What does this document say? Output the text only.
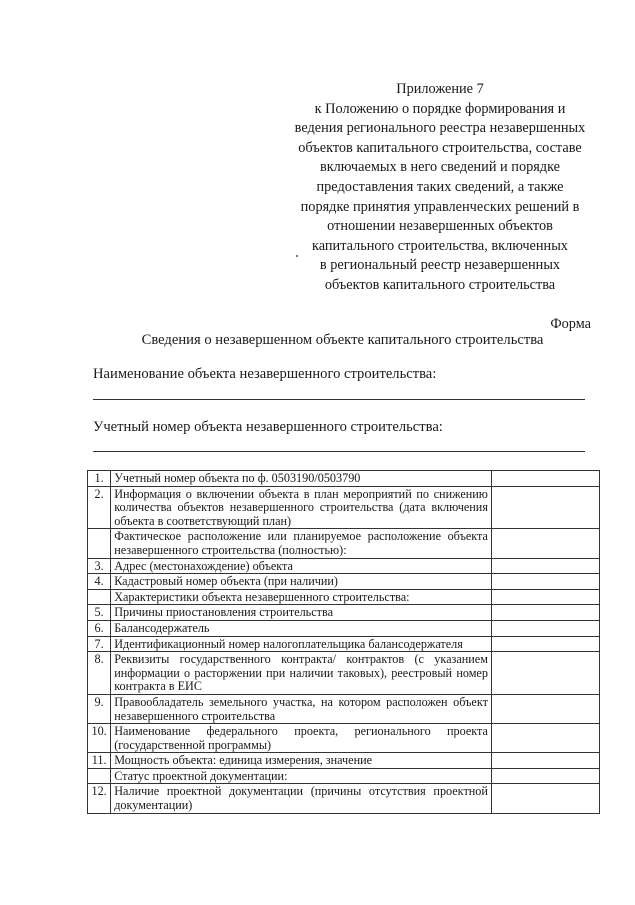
Приложение 7
к Положению о порядке формирования и
ведения регионального реестра незавершенных
объектов капитального строительства, составе
включаемых в него сведений и порядке
предоставления таких сведений, а также
порядке принятия управленческих решений в
отношении незавершенных объектов
капитального строительства, включенных
в региональный реестр незавершенных
объектов капитального строительства
Форма
Сведения о незавершенном объекте капитального строительства
Наименование объекта незавершенного строительства:
Учетный номер объекта незавершенного строительства:
1.	Учетный номер объекта по ф. 0503190/0503790	
2.	Информация о включении объекта в план мероприятий по снижению количества объектов незавершенного строительства (дата включения объекта в соответствующий план)	
	Фактическое расположение или планируемое расположение объекта незавершенного строительства (полностью):	
3.	Адрес (местонахождение) объекта	
4.	Кадастровый номер объекта (при наличии)	
	Характеристики объекта незавершенного строительства:	
5.	Причины приостановления строительства	
6.	Балансодержатель	
7.	Идентификационный номер налогоплательщика балансодержателя	
8.	Реквизиты государственного контракта/ контрактов (с указанием информации о расторжении при наличии таковых), реестровый номер контракта в ЕИС	
9.	Правообладатель земельного участка, на котором расположен объект незавершенного строительства	
10.	Наименование федерального проекта, регионального проекта (государственной программы)	
11.	Мощность объекта: единица измерения, значение	
	Статус проектной документации:	
12.	Наличие проектной документации (причины отсутствия проектной документации)	
